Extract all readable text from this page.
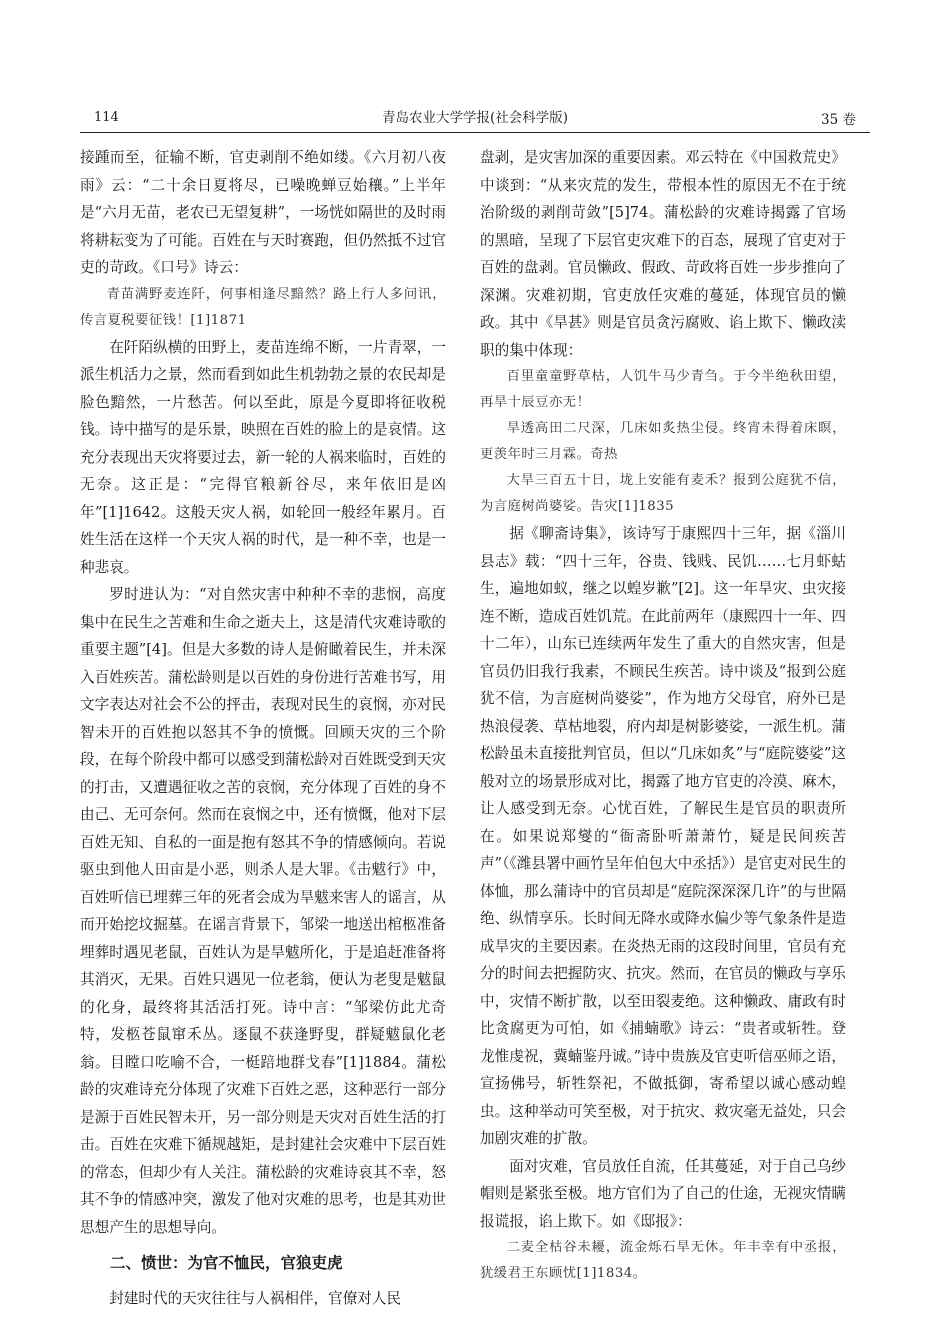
114	青岛农业大学学报(社会科学版)	35 卷

接踵而至，征输不断，官吏剥削不绝如缕。《六月初八夜雨》云：“二十余日夏将尽，已噪晚蝉豆始穰。”上半年是“六月无苗，老农已无望复耕”，一场恍如隔世的及时雨将耕耘变为了可能。百姓在与天时赛跑，但仍然抵不过官吏的苛政。《口号》诗云：

青苗满野麦连阡，何事相逢尽黯然？路上行人多问讯，传言夏税要征钱！[1]1871

在阡陌纵横的田野上，麦苗连绵不断，一片青翠，一派生机活力之景，然而看到如此生机勃勃之景的农民却是脸色黯然，一片愁苦。何以至此，原是今夏即将征收税钱。诗中描写的是乐景，映照在百姓的脸上的是哀情。这充分表现出天灾将要过去，新一轮的人祸来临时，百姓的无奈。这正是：“完得官粮新谷尽，来年依旧是凶年”[1]1642。这般天灾人祸，如轮回一般经年累月。百姓生活在这样一个天灾人祸的时代，是一种不幸，也是一种悲哀。

罗时进认为：“对自然灾害中种种不幸的悲悯，高度集中在民生之苦难和生命之逝夫上，这是清代灾难诗歌的重要主题”[4]。但是大多数的诗人是俯瞰着民生，并未深入百姓疾苦。蒲松龄则是以百姓的身份进行苦难书写，用文字表达对社会不公的抨击，表现对民生的哀悯，亦对民智未开的百姓抱以怒其不争的愤慨。回顾天灾的三个阶段，在每个阶段中都可以感受到蒲松龄对百姓既受到天灾的打击，又遭遇征收之苦的哀悯，充分体现了百姓的身不由己、无可奈何。然而在哀悯之中，还有愤慨，他对下层百姓无知、自私的一面是抱有怒其不争的情感倾向。若说驱虫到他人田亩是小恶，则杀人是大罪。《击魃行》中，百姓听信已埋葬三年的死者会成为旱魃来害人的谣言，从而开始挖坟掘墓。在谣言背景下，邹梁一地送出棺柩准备埋葬时遇见老鼠，百姓认为是旱魃所化，于是追赶准备将其消灭，无果。百姓只遇见一位老翁，便认为老叟是魃鼠的化身，最终将其活活打死。诗中言：“邹梁仿此尤奇特，发柩苍鼠窜禾丛。逐鼠不获逢野叟，群疑魃鼠化老翁。目瞠口吃喻不合，一梃踣地群戈春”[1]1884。蒲松龄的灾难诗充分体现了灾难下百姓之恶，这种恶行一部分是源于百姓民智未开，另一部分则是天灾对百姓生活的打击。百姓在灾难下循规越矩，是封建社会灾难中下层百姓的常态，但却少有人关注。蒲松龄的灾难诗哀其不幸，怒其不争的情感冲突，激发了他对灾难的思考，也是其劝世思想产生的思想导向。

二、愤世：为官不恤民，官狼吏虎

封建时代的天灾往往与人祸相伴，官僚对人民

盘剥，是灾害加深的重要因素。邓云特在《中国救荒史》中谈到：“从来灾荒的发生，带根本性的原因无不在于统治阶级的剥削苛敛”[5]74。蒲松龄的灾难诗揭露了官场的黑暗，呈现了下层官吏灾难下的百态，展现了官吏对于百姓的盘剥。官员懒政、假政、苛政将百姓一步步推向了深渊。灾难初期，官吏放任灾难的蔓延，体现官员的懒政。其中《旱甚》则是官员贪污腐败、谄上欺下、懒政渎职的集中体现：

百里童童野草枯，人饥牛马少青刍。于今半绝秋田望，再旱十辰豆亦无！

旱透高田二尺深，几床如炙热尘侵。终宵未得着床瞑，更羡年时三月霖。奇热

大旱三百五十日，垅上安能有麦禾？报到公庭犹不信，为言庭树尚婆娑。告灾[1]1835

据《聊斋诗集》，该诗写于康熙四十三年，据《淄川县志》载：“四十三年，谷贵、钱贱、民饥……七月虾蛄生，遍地如蚁，继之以蝗岁歉”[2]。这一年旱灾、虫灾接连不断，造成百姓饥荒。在此前两年（康熙四十一年、四十二年），山东已连续两年发生了重大的自然灾害，但是官员仍旧我行我素，不顾民生疾苦。诗中谈及“报到公庭犹不信，为言庭树尚婆娑”，作为地方父母官，府外已是热浪侵袭、草枯地裂，府内却是树影婆娑，一派生机。蒲松龄虽未直接批判官员，但以“几床如炙”与“庭院婆娑”这般对立的场景形成对比，揭露了地方官吏的冷漠、麻木，让人感受到无奈。心忧百姓，了解民生是官员的职责所在。如果说郑燮的“衙斋卧听萧萧竹，疑是民间疾苦声”（《潍县署中画竹呈年伯包大中丞括》）是官吏对民生的体恤，那么蒲诗中的官员却是“庭院深深深几许”的与世隔绝、纵情享乐。长时间无降水或降水偏少等气象条件是造成旱灾的主要因素。在炎热无雨的这段时间里，官员有充分的时间去把握防灾、抗灾。然而，在官员的懒政与享乐中，灾情不断扩散，以至田裂麦绝。这种懒政、庸政有时比贪腐更为可怕，如《捕蝻歌》诗云：“贵者或斩牲。登龙惟虔祝，冀蝻鉴丹诚。”诗中贵族及官吏听信巫师之语，宣扬佛号，斩牲祭祀，不做抵御，寄希望以诚心感动蝗虫。这种举动可笑至极，对于抗灾、救灾毫无益处，只会加剧灾难的扩散。

面对灾难，官员放任自流，任其蔓延，对于自己乌纱帽则是紧张至极。地方官们为了自己的仕途，无视灾情瞒报谎报，谄上欺下。如《邸报》：

二麦全枯谷未耰，流金烁石旱无休。年丰幸有中丞报，犹缓君王东顾忧[1]1834。
